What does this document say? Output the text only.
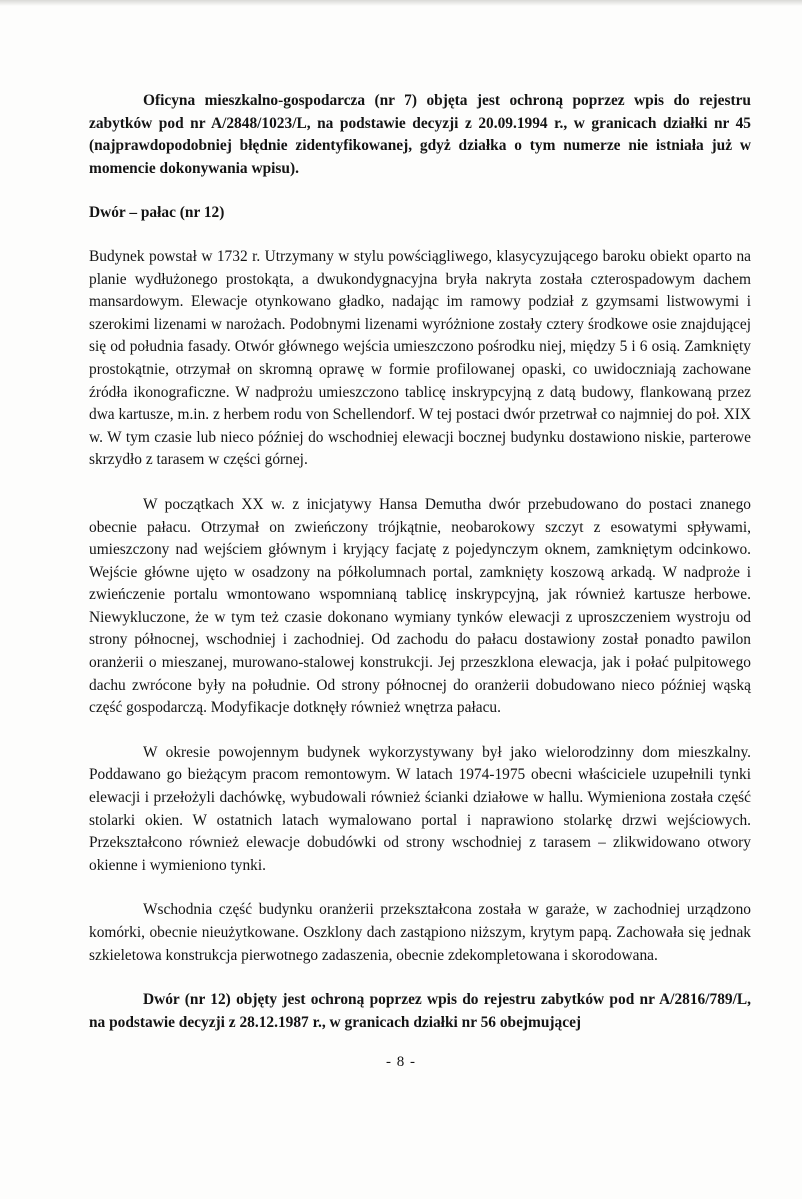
Oficyna mieszkalno-gospodarcza (nr 7) objęta jest ochroną poprzez wpis do rejestru zabytków pod nr A/2848/1023/L, na podstawie decyzji z 20.09.1994 r., w granicach działki nr 45 (najprawdopodobniej błędnie zidentyfikowanej, gdyż działka o tym numerze nie istniała już w momencie dokonywania wpisu).

Dwór – pałac (nr 12)

Budynek powstał w 1732 r. Utrzymany w stylu powściągliwego, klasycyzującego baroku obiekt oparto na planie wydłużonego prostokąta, a dwukondygnacyjna bryła nakryta została czterospadowym dachem mansardowym. Elewacje otynkowano gładko, nadając im ramowy podział z gzymsami listwowymi i szerokimi lizenami w narożach. Podobnymi lizenami wyróżnione zostały cztery środkowe osie znajdującej się od południa fasady. Otwór głównego wejścia umieszczono pośrodku niej, między 5 i 6 osią. Zamknięty prostokątnie, otrzymał on skromną oprawę w formie profilowanej opaski, co uwidoczniają zachowane źródła ikonograficzne. W nadprożu umieszczono tablicę inskrypcyjną z datą budowy, flankowaną przez dwa kartusze, m.in. z herbem rodu von Schellendorf. W tej postaci dwór przetrwał co najmniej do poł. XIX w. W tym czasie lub nieco później do wschodniej elewacji bocznej budynku dostawiono niskie, parterowe skrzydło z tarasem w części górnej.

W początkach XX w. z inicjatywy Hansa Demutha dwór przebudowano do postaci znanego obecnie pałacu. Otrzymał on zwieńczony trójkątnie, neobarokowy szczyt z esowatymi spływami, umieszczony nad wejściem głównym i kryjący facjatę z pojedynczym oknem, zamkniętym odcinkowo. Wejście główne ujęto w osadzony na półkolumnach portal, zamknięty koszową arkadą. W nadproże i zwieńczenie portalu wmontowano wspomnianą tablicę inskrypcyjną, jak również kartusze herbowe. Niewykluczone, że w tym też czasie dokonano wymiany tynków elewacji z uproszczeniem wystroju od strony północnej, wschodniej i zachodniej. Od zachodu do pałacu dostawiony został ponadto pawilon oranżerii o mieszanej, murowano-stalowej konstrukcji. Jej przeszklona elewacja, jak i połać pulpitowego dachu zwrócone były na południe. Od strony północnej do oranżerii dobudowano nieco później wąską część gospodarczą. Modyfikacje dotknęły również wnętrza pałacu.

W okresie powojennym budynek wykorzystywany był jako wielorodzinny dom mieszkalny. Poddawano go bieżącym pracom remontowym. W latach 1974-1975 obecni właściciele uzupełnili tynki elewacji i przełożyli dachówkę, wybudowali również ścianki działowe w hallu. Wymieniona została część stolarki okien. W ostatnich latach wymalowano portal i naprawiono stolarkę drzwi wejściowych. Przekształcono również elewacje dobudówki od strony wschodniej z tarasem – zlikwidowano otwory okienne i wymieniono tynki.

Wschodnia część budynku oranżerii przekształcona została w garaże, w zachodniej urządzono komórki, obecnie nieużytkowane. Oszklony dach zastąpiono niższym, krytym papą. Zachowała się jednak szkieletowa konstrukcja pierwotnego zadaszenia, obecnie zdekompletowana i skorodowana.

Dwór (nr 12) objęty jest ochroną poprzez wpis do rejestru zabytków pod nr A/2816/789/L, na podstawie decyzji z 28.12.1987 r., w granicach działki nr 56 obejmującej

- 8 -
